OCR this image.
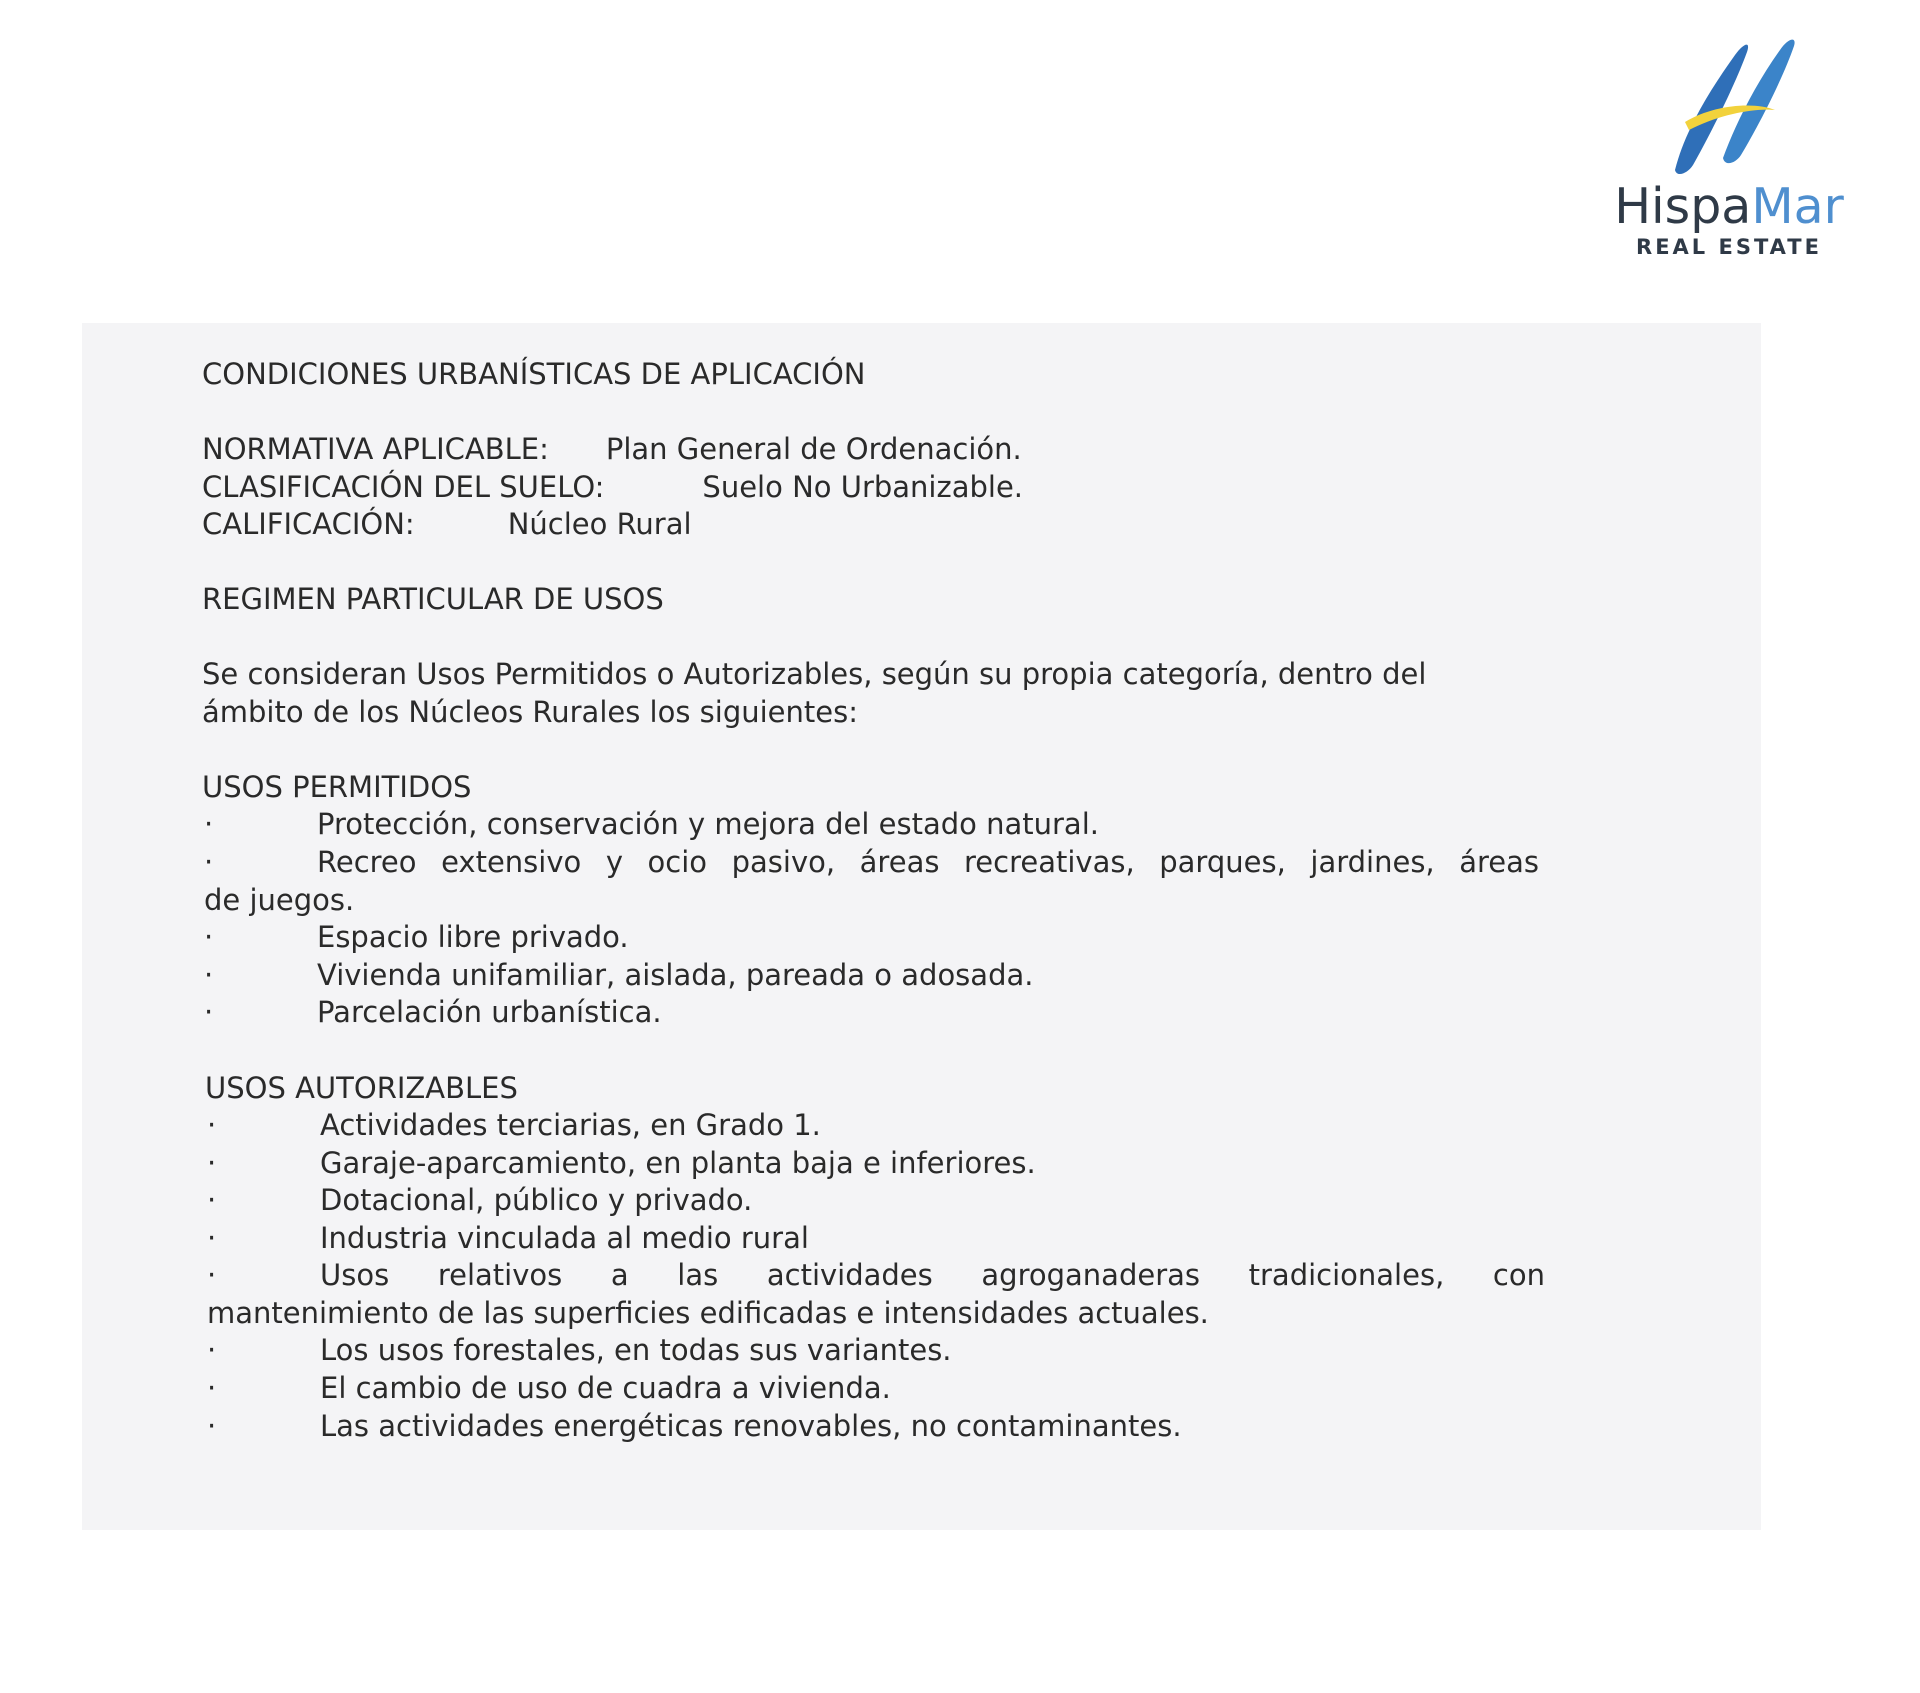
HispaMar
REAL ESTATE
CONDICIONES URBANÍSTICAS DE APLICACIÓN
NORMATIVA APLICABLE: Plan General de Ordenación.
CLASIFICACIÓN DEL SUELO:	Suelo No Urbanizable.
CALIFICACIÓN:	Núcleo Rural
REGIMEN PARTICULAR DE USOS
Se consideran Usos Permitidos o Autorizables, según su propia categoría, dentro del
ámbito de los Núcleos Rurales los siguientes:
USOS PERMITIDOS
·	Protección, conservación y mejora del estado natural.
·	Recreo extensivo y ocio pasivo, áreas recreativas, parques, jardines, áreas
de juegos.
·	Espacio libre privado.
·	Vivienda unifamiliar, aislada, pareada o adosada.
·	Parcelación urbanística.
USOS AUTORIZABLES
·	Actividades terciarias, en Grado 1.
·	Garaje-aparcamiento, en planta baja e inferiores.
·	Dotacional, público y privado.
·	Industria vinculada al medio rural
·	Usos relativos a las actividades agroganaderas tradicionales, con
mantenimiento de las superficies edificadas e intensidades actuales.
·	Los usos forestales, en todas sus variantes.
·	El cambio de uso de cuadra a vivienda.
·	Las actividades energéticas renovables, no contaminantes.
